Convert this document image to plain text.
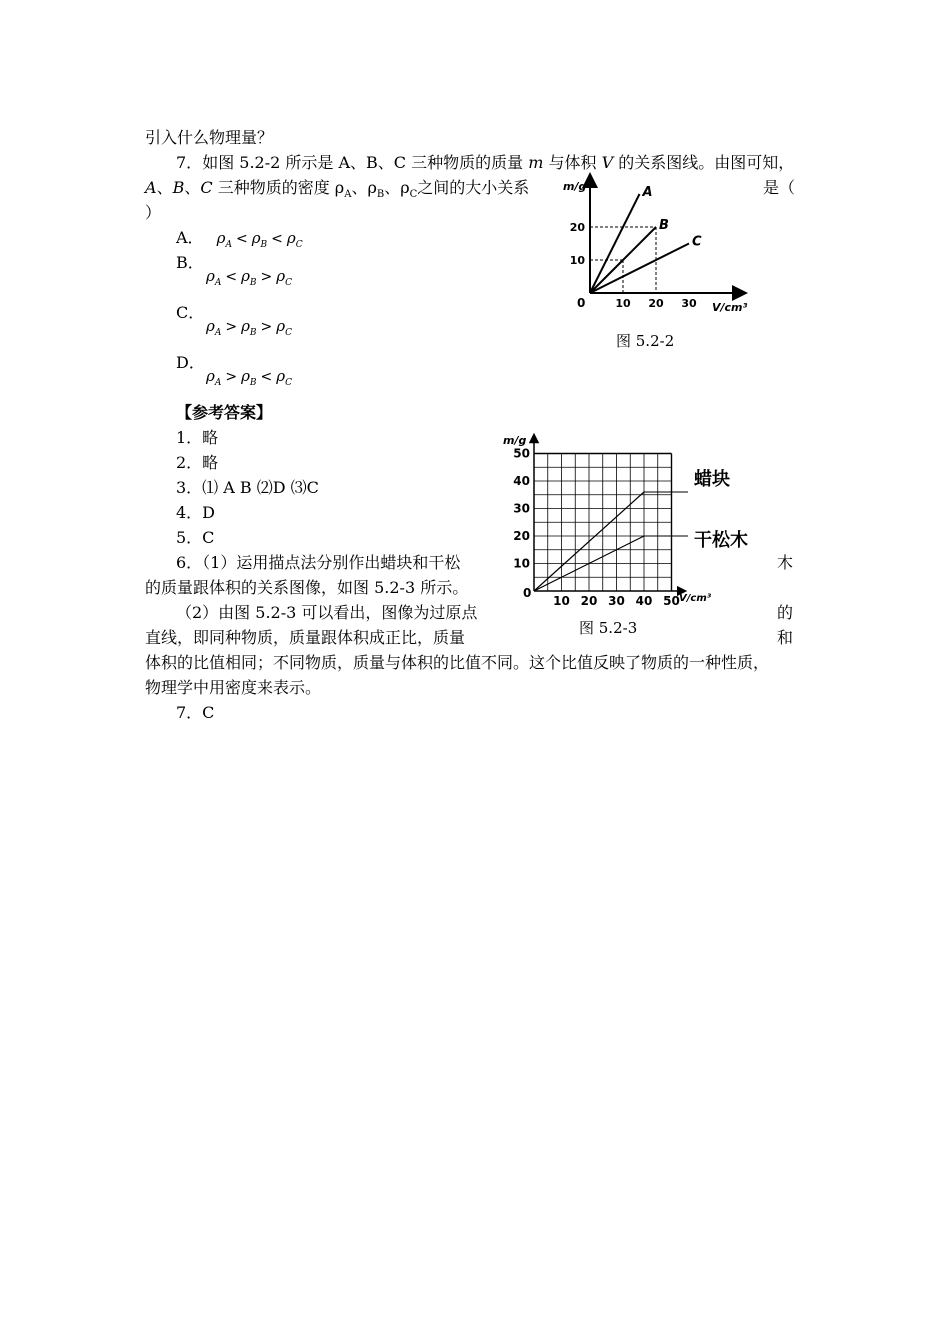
引入什么物理量？
7．如图 5.2-2 所示是 A、B、C 三种物质的质量 m 与体积 V 的关系图线。由图可知，
A、B、C 三种物质的密度 $\rho_A$、$\rho_B$、$\rho_C$之间的大小关系	是（
）
A． $\rho_A < \rho_B < \rho_C$
B．
$\rho_A < \rho_B > \rho_C$
C．
$\rho_A > \rho_B > \rho_C$
D．
$\rho_A > \rho_B < \rho_C$
A
B
C
m/g
V/cm³
0	10 20 30
10
20
图 5.2-2
【参考答案】
1．略
2．略
3．⑴ A B ⑵D ⑶C
4．D
5．C
6．（1）运用描点法分别作出蜡块和干松	木
的质量跟体积的关系图像，如图 5.2-3 所示。
（2）由图 5.2-3 可以看出，图像为过原点	的
直线，即同种物质，质量跟体积成正比，质量	和
体积的比值相同；不同物质，质量与体积的比值不同。这个比值反映了物质的一种性质，
物理学中用密度来表示。
7．C
m/g
V/cm³
0
10 20 30 40 50
10
20
30
40
50
蜡块
干松木
图 5.2-3
